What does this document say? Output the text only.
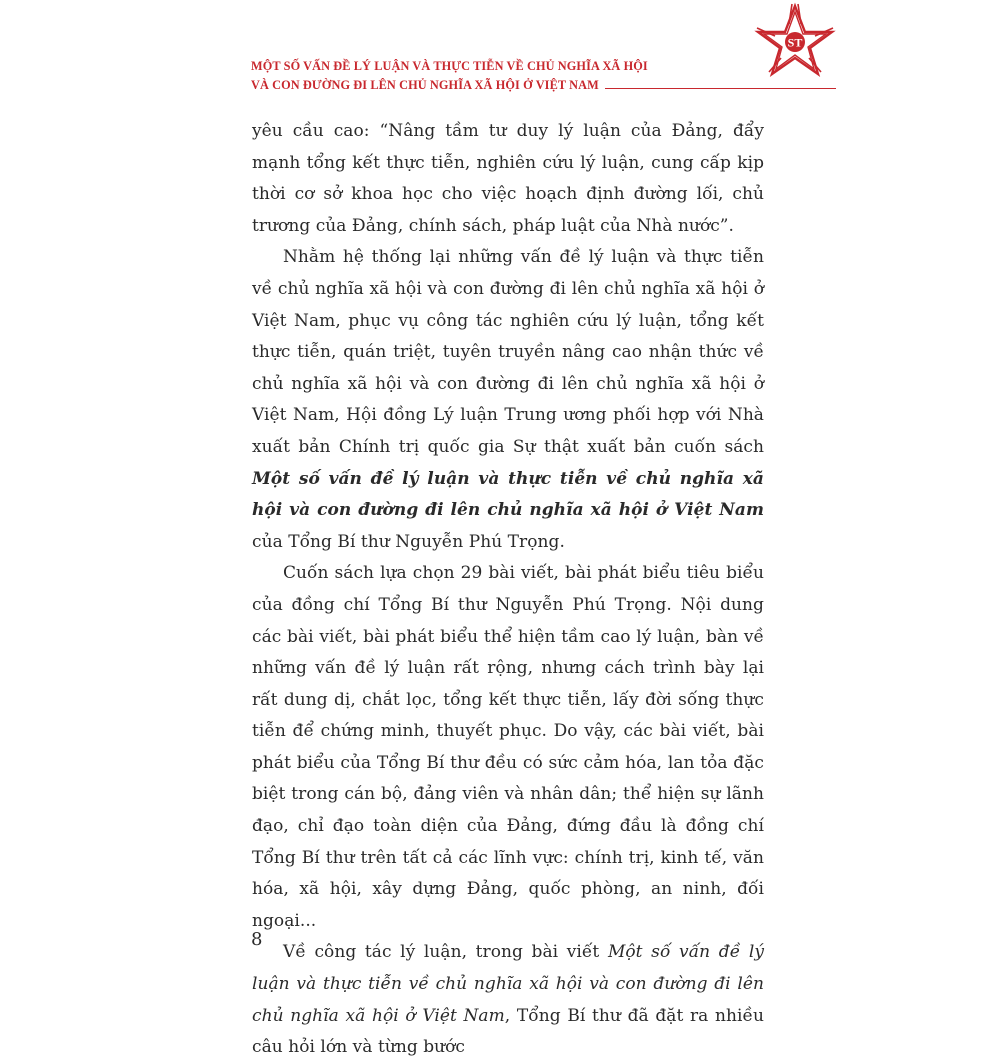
MỘT SỐ VẤN ĐỀ LÝ LUẬN VÀ THỰC TIỄN VỀ CHỦ NGHĨA XÃ HỘI
VÀ CON ĐƯỜNG ĐI LÊN CHỦ NGHĨA XÃ HỘI Ở VIỆT NAM
ST

yêu cầu cao: “Nâng tầm tư duy lý luận của Đảng, đẩy mạnh tổng kết thực tiễn, nghiên cứu lý luận, cung cấp kịp thời cơ sở khoa học cho việc hoạch định đường lối, chủ trương của Đảng, chính sách, pháp luật của Nhà nước”.

Nhằm hệ thống lại những vấn đề lý luận và thực tiễn về chủ nghĩa xã hội và con đường đi lên chủ nghĩa xã hội ở Việt Nam, phục vụ công tác nghiên cứu lý luận, tổng kết thực tiễn, quán triệt, tuyên truyền nâng cao nhận thức về chủ nghĩa xã hội và con đường đi lên chủ nghĩa xã hội ở Việt Nam, Hội đồng Lý luận Trung ương phối hợp với Nhà xuất bản Chính trị quốc gia Sự thật xuất bản cuốn sách Một số vấn đề lý luận và thực tiễn về chủ nghĩa xã hội và con đường đi lên chủ nghĩa xã hội ở Việt Nam của Tổng Bí thư Nguyễn Phú Trọng.

Cuốn sách lựa chọn 29 bài viết, bài phát biểu tiêu biểu của đồng chí Tổng Bí thư Nguyễn Phú Trọng. Nội dung các bài viết, bài phát biểu thể hiện tầm cao lý luận, bàn về những vấn đề lý luận rất rộng, nhưng cách trình bày lại rất dung dị, chắt lọc, tổng kết thực tiễn, lấy đời sống thực tiễn để chứng minh, thuyết phục. Do vậy, các bài viết, bài phát biểu của Tổng Bí thư đều có sức cảm hóa, lan tỏa đặc biệt trong cán bộ, đảng viên và nhân dân; thể hiện sự lãnh đạo, chỉ đạo toàn diện của Đảng, đứng đầu là đồng chí Tổng Bí thư trên tất cả các lĩnh vực: chính trị, kinh tế, văn hóa, xã hội, xây dựng Đảng, quốc phòng, an ninh, đối ngoại...

Về công tác lý luận, trong bài viết Một số vấn đề lý luận và thực tiễn về chủ nghĩa xã hội và con đường đi lên chủ nghĩa xã hội ở Việt Nam, Tổng Bí thư đã đặt ra nhiều câu hỏi lớn và từng bước

8
